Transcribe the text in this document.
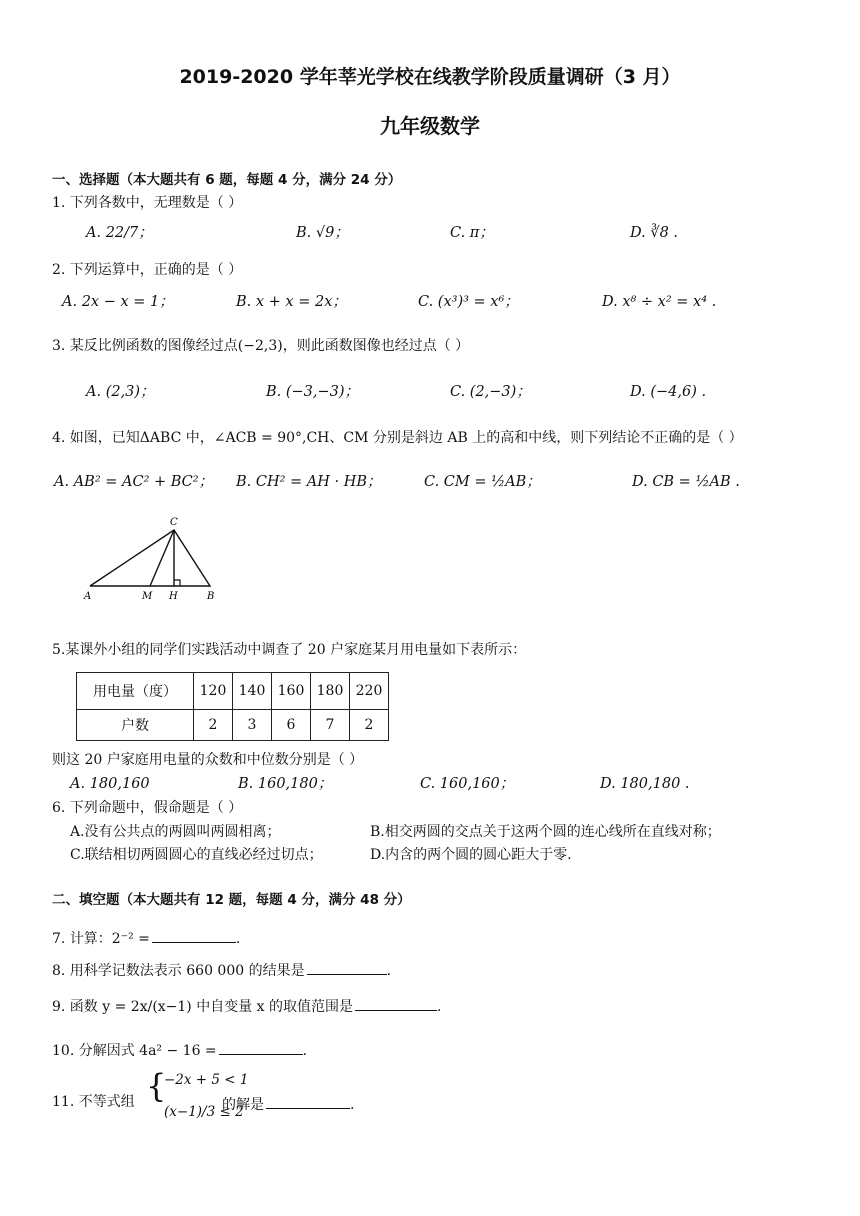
2019-2020 学年莘光学校在线教学阶段质量调研（3 月）
九年级数学
一、选择题（本大题共有 6 题，每题 4 分，满分 24 分）
1. 下列各数中，无理数是（ ）
A. 22/7；	B. √9；	C. π；	D. ∛8 .
2. 下列运算中，正确的是（ ）
A. 2x − x = 1；	B. x + x = 2x；	C. (x³)³ = x⁶；	D. x⁸ ÷ x² = x⁴ .
3. 某反比例函数的图像经过点(−2,3)，则此函数图像也经过点（ ）
A. (2,3)；	B. (−3,−3)；	C. (2,−3)；	D. (−4,6) .
4. 如图，已知ΔABC 中，∠ACB = 90°,CH、CM 分别是斜边 AB 上的高和中线，则下列结论不正确的是（ ）
A. AB² = AC² + BC²； B. CH² = AH · HB；	C. CM = ½AB；	D. CB = ½AB .
C
A	M H	B
5.某课外小组的同学们实践活动中调查了 20 户家庭某月用电量如下表所示：
用电量（度）	120	140	160	180	220
户数	2	3	6	7	2
则这 20 户家庭用电量的众数和中位数分别是（ ）
A. 180,160	B. 160,180；	C. 160,160；	D. 180,180 .
6. 下列命题中，假命题是（ ）
A.没有公共点的两圆叫两圆相离；	B.相交两圆的交点关于这两个圆的连心线所在直线对称；
C.联结相切两圆圆心的直线必经过切点；	D.内含的两个圆的圆心距大于零.
二、填空题（本大题共有 12 题，每题 4 分，满分 48 分）
7. 计算：2⁻² =	.
8. 用科学记数法表示 660 000 的结果是	.
9. 函数 y = 2x/(x−1) 中自变量 x 的取值范围是	.
10. 分解因式 4a² − 16 =	.
11. 不等式组 {
−2x + 5 < 1
(x−1)/3 ≤ 2
的解是	.
